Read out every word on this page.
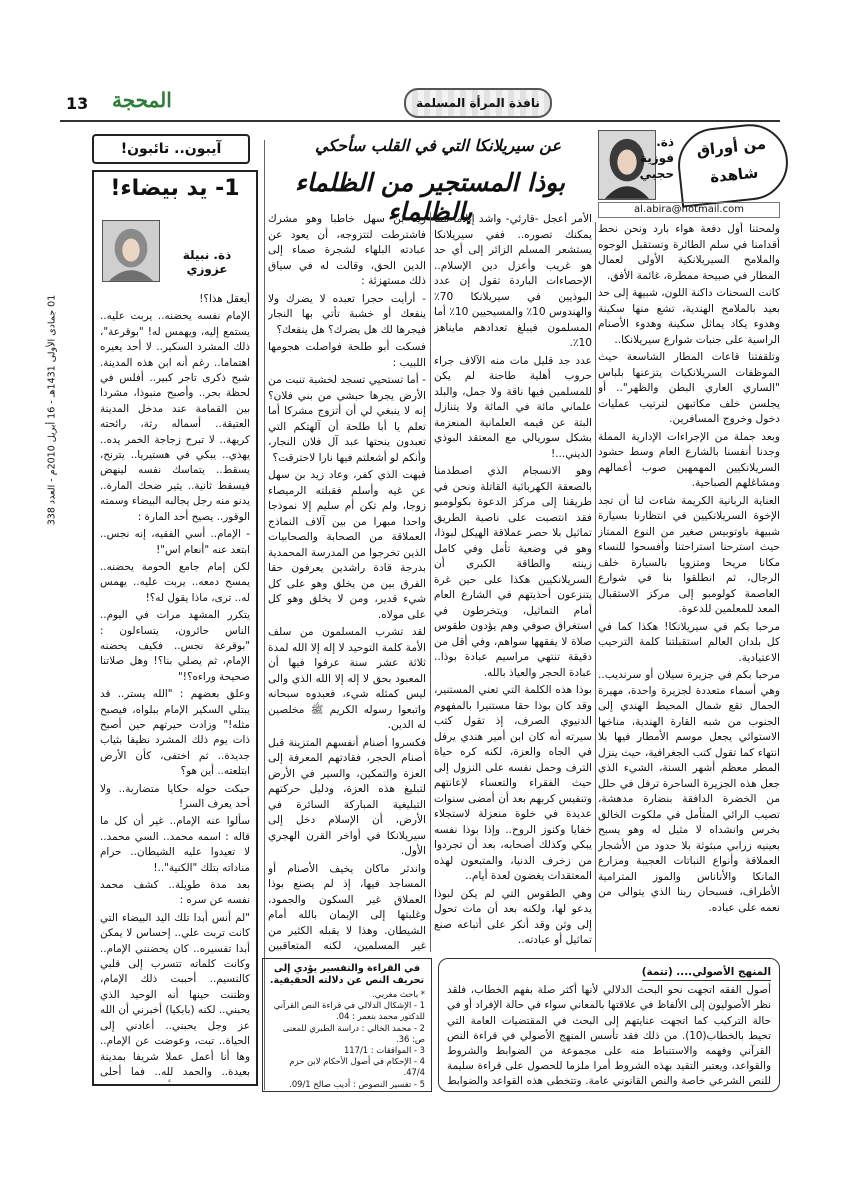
13 المحجة	نافذة المرأة المسلمة
01 جمادى الأولى 1431هـ - 16 أبريل 2010م - العدد 338
من أوراق
شاهدة
ذة.
فوزية
حجبي
al.abira@hotmail.com
عن سيريلانكا التي في القلب سأحكي
بوذا المستجير من الظلماء بالظلماء

ولمحتنا أول دفعة هواء بارد ونحن نحط أقدامنا في سلم الطائرة وتستقبل الوجوه والملامح السيريلانكية الأولى لعمال المطار في صبيحة ممطرة، غائمة الأفق.

كانت السحنات داكنة اللون، شبيهة إلى حد بعيد بالملامح الهندية، تشع منها سكينة وهدوء يكاد يماثل سكينة وهدوء الأصنام الراسية على جنبات شوارع سيريلانكا..

وتلقفتنا قاعات المطار الشاسعة حيث الموظفات السريلانكيات يتزعنها بلباس "الساري العاري البطن والظهر".. أو يجلسن خلف مكاتبهن لترتيب عمليات دخول وخروج المسافرين.

وبعد جملة من الإجراءات الإدارية المملة وجدنا أنفسنا بالشارع العام وسط حشود السريلانكيين المهمهين صوب أعمالهم ومشاغلهم الصباحية.

العناية الربانية الكريمة شاءت لنا أن تجد الإخوة السريلانكيين في انتظارنا بسيارة شبيهة باوتوبيس صغير من النوع الممتاز حيث استرحنا استراحتنا وأفسحوا للنساء مكانا مريحا ومتزويا بالسيارة خلف الرجال، ثم انطلقوا بنا في شوارع العاصمة كولومبو إلى مركز الاستقبال المعد للمعلمين للدعوة.

مرحبا بكم في سيريلانكا! هكذا كما في كل بلدان العالم استقبلتنا كلمة الترحيب الاعتيادية.

مرحبا بكم في جزيرة سيلان أو سرنديب.. وهي أسماء متعددة لجزيرة واحدة، مهيرة الجمال تقع شمال المحيط الهندي إلى الجنوب من شبه القارة الهندية، مناخها الاستوائي يجعل موسم الأمطار فيها بلا انتهاء كما تقول كتب الجغرافية، حيث ينزل المطر معظم أشهر السنة، الشيء الذي جعل هذه الجزيرة الساحرة ترفل في حلل من الخضرة الدافقة بنضارة مدهشة، تصيب الرائي المتأمل في ملكوت الخالق بخرس وانشداه لا مثيل له وهو يسبح بعينيه زرابي مبثوثة بلا حدود من الأشجار العملاقة وأنواع النباتات العجيبة ومزارع المانكا والأناناس والموز المترامية الأطراف، فسبحان ربنا الذي يتوالى من نعمه على عباده.

الأمر أعجل -قارئي- واشد إيلاما مما يمكنك تصوره.. ففي سيريلانكا يستشعر المسلم الزائر إلى أي حد هو غريب وأعزل دين الإسلام.. الإحصاءات الباردة تقول إن عدد البوذيين في سيريلانكا 70٪ والهندوس 10٪ والمسيحيين 10٪ أما المسلمون فيبلغ تعدادهم مايناهز 10٪.

عدد جد قليل مات منه الآلاف جراء حروب أهلية طاحنة لم يكن للمسلمين فيها ناقة ولا جمل، والبلد علماني مائة في المائة ولا يتنازل البتة عن قيمه العلمانية المنعزمة بشكل سوريالي مع المعتقد البوذي الديني...!

وهو الانسجام الذي اصطدمنا بالصعقة الكهربائية القاتلة ونحن في طريقنا إلى مركز الدعوة بكولومبو فقد انتصبت على ناصية الطريق تماثيل بلا حصر عملاقة الهيكل لبوذا، وهو في وضعية تأمل وفي كامل زينته والطاقة الكبرى أن السريلانكيين هكذا على حين غرة يتنزعون أحذيتهم في الشارع العام أمام التماثيل، ويتخرطون في استغراق صوفي وهم يؤدون طقوس صلاة لا يفقهها سواهم، وفي أقل من دقيقة تنتهي مراسيم عبادة بوذا.. عبادة الحجر والعياذ بالله.

بوذا هذه الكلمة التي تعني المستنير، وقد كان بوذا حقا مستنيرا بالمفهوم الدنيوي الصرف، إذ تقول كتب سيرته أنه كان ابن أمير هندي يرفل في الجاه والعزة، لكنه كره حياة الترف وحمل نفسه على النزول إلى حيث الفقراء والتعساء لإعانتهم وتنفيس كربهم بعد أن أمضى سنوات عديدة في خلوة منعزلة لاستجلاء خفايا وكنوز الروح.. وإذا بوذا نفسه يبكي وكذلك أصحابه، بعد أن تجردوا من زخرف الدنيا، والمتبعون لهذه المعتقدات يغضون لعدة أيام..

وهي الطقوس التي لم يكن لبوذا يدعو لها، ولكنه بعد أن مات تحول إلى وثن وقد أنكر على أتباعه صنع تماثيل أو عبادته..

زيد بن سهل خاطبا وهو مشرك فاشترطت لتتزوجه، أن يعود عن عبادته البلهاء لشجرة صماء إلى الدين الحق، وقالت له في سياق ذلك مستهزئة :

- أرأيت حجرا تعبده لا يضرك ولا ينفعك أو خشبة تأتي بها النجار فيجرها لك هل يضرك؟ هل ينفعك؟

فسكت أبو طلحة فواصلت هجومها اللبيب :

- أما تستحيي تسجد لخشبة تنبت من الأرض يجرها حبشي من بني فلان؟ إنه لا ينبغي لي أن أتزوج مشركا أما تعلم يا أبا طلحة أن آلهتكم التي تعبدون ينحتها عبد آل فلان النجار، وأنكم لو أشعلتم فيها نارا لاحترقت؟

فبهت الذي كفر، وعاد زيد بن سهل عن غيه وأسلم فقبلته الرميصاء زوجا، ولم تكن أم سليم إلا نموذجا واحدا مبهرا من بين آلاف النماذج العملاقة من الصحابة والصحابيات الذين تخرجوا من المدرسة المحمدية بدرجة قادة راشدين يعرفون حقا الفرق بين من يخلق وهو على كل شيء قدير، ومن لا يخلق وهو كل على مولاه.

لقد تشرب المسلمون من سلف الأمة كلمة التوحيد لا إله إلا الله لمدة ثلاثة عشر سنة عرفوا فيها أن المعبود بحق لا إله إلا الله الذي والى لیس كمثله شيء، فعبدوه سبحانه واتبعوا رسوله الكريم ﷺ مخلصين له الدين.

فكسروا أصنام أنفسهم المتزينة قبل أصنام الحجر، فقادتهم المعرفة إلى العزة والتمكين، والسير في الأرض لتبليغ هذه العزة، ودليل حركتهم التبليغية المباركة السائرة في الأرض، أن الإسلام دخل إلى سيريلانكا في أواخر القرن الهجري الأول.

واندثر ماكان يخيف الأصنام أو المساجد فيها، إذ لم يصنع بوذا العملاق غير السكون والجمود، وغلبتها إلى الإيمان بالله أمام الشيطان. وهذا لا يقبله الكثير من غير المسلمين، لكنه المتعاقبين

آيبون.. تائبون!
1- يد بيضاء!
ذة. نبيلة عزوزي

أيعقل هذا؟!

الإمام نفسه يحضنه.. يربت عليه.. يستمع إليه، ويهمس له! "بوقرعة"، ذلك المشرد السكير.. لا أحد يعيره اهتماما.. رغم أنه ابن هذه المدينة. شبح ذكرى تاجر كبير.. أفلس في لحظة بحر.. وأصبح منبوذا، مشردا بين القمامة عند مدخل المدينة العتيقة.. أسماله رثة، رائحته كريهة.. لا تبرح زجاجة الخمر يده.. يهذي.. يبكي في هستيريا.. يترنح، يسقط.. يتماسك نفسه لينهض فيسقط ثانية.. يثير ضحك المارة.. يدنو منه رجل يجالبه البيضاء وسمته الوقور.. يصيح أحد المارة :

- الإمام.. أسي الفقيه، إنه نجس.. ابتعد عنه "أنعام اس"!

لكن إمام جامع الحومة يحضنه.. يمسح دمعه.. يربت عليه.. يهمس له.. ترى، ماذا يقول له؟!

يتكرر المشهد مرات في اليوم.. الناس حائرون، يتساءلون : "بوقرعة نجس.. فكيف يحضنه الإمام، ثم يصلي بنا؟! وهل صلاتنا صحيحة وراءه؟!"

وعلق بعضهم : "الله يستر.. قد يبتلي السكير الإمام ببلواه، فيصبح مثله!" وزادت حيرتهم حين أصبح ذات يوم ذلك المشرد نظيفا بثياب جديدة.. ثم اختفى، كأن الأرض ابتلعته.. أين هو؟

حبكت حوله حكايا متضاربة.. ولا أحد يعرف السر!

سألوا عنه الإمام.. غير أن كل ما قاله : اسمه محمد.. السي محمد.. لا تعيدوا عليه الشيطان.. حرام مناداته بتلك "الكنية"..!

بعد مدة طويلة.. كشف محمد نفسه عن سره :

"لم أنس أبدا تلك اليد البيضاء التي كانت تربت علي.. إحساس لا يمكن أبدا تفسيره.. كان يحضنني الإمام.. وكانت كلماته تتسرب إلى قلبي كالنسيم.. أحببت ذلك الإمام، وظننت حينها أنه الوحيد الذي يحبني.. لكنه (بابكيا) أخبرني أن الله عز وجل يحبني.. أعادني إلى الحياة.. تبت، وعوضت عن الإمام.. وها أنا أعمل عملا شريفا بمدينة بعيدة.. والحمد لله.. فما أحلى

المنهج الأصولي.... (تتمة)
أصول الفقه اتجهت نحو البحث الدلالي لأنها أكثر صلة بفهم الخطاب، فلقد نظر الأصوليون إلى الألفاظ في علاقتها بالمعاني سواء في حالة الإفراد أو في حالة التركيب كما اتجهت عنايتهم إلى البحث في المقتضيات العامة التي تحيط بالخطاب(10). من ذلك فقد تأسس المنهج الأصولي في قراءة النص القرآني وفهمه والاستنباط منه على مجموعة من الضوابط والشروط والقواعد، ويعتبر التقيد بهذه الشروط أمرا ملزما للحصول على قراءة سليمة للنص الشرعي خاصة والنص القانوني عامة. وتتخطى هذه القواعد والضوابط
في القراءة والتفسير يؤدي إلى تحريف النص عن دلالته الحقيقية.
* باحث مغربي.
1 - الإشكال الدلالي في قراءة النص القرآني للدكتور محمد بنعمر : 04.
2 - محمد الخالي : دراسة الطبري للمعنى ص: 36.
3 - الموافقات : 117/1
4 - الإحكام في أصول الأحكام لابن حزم 47/4.
5 - تفسير النصوص : أديب صالح 09/1.
